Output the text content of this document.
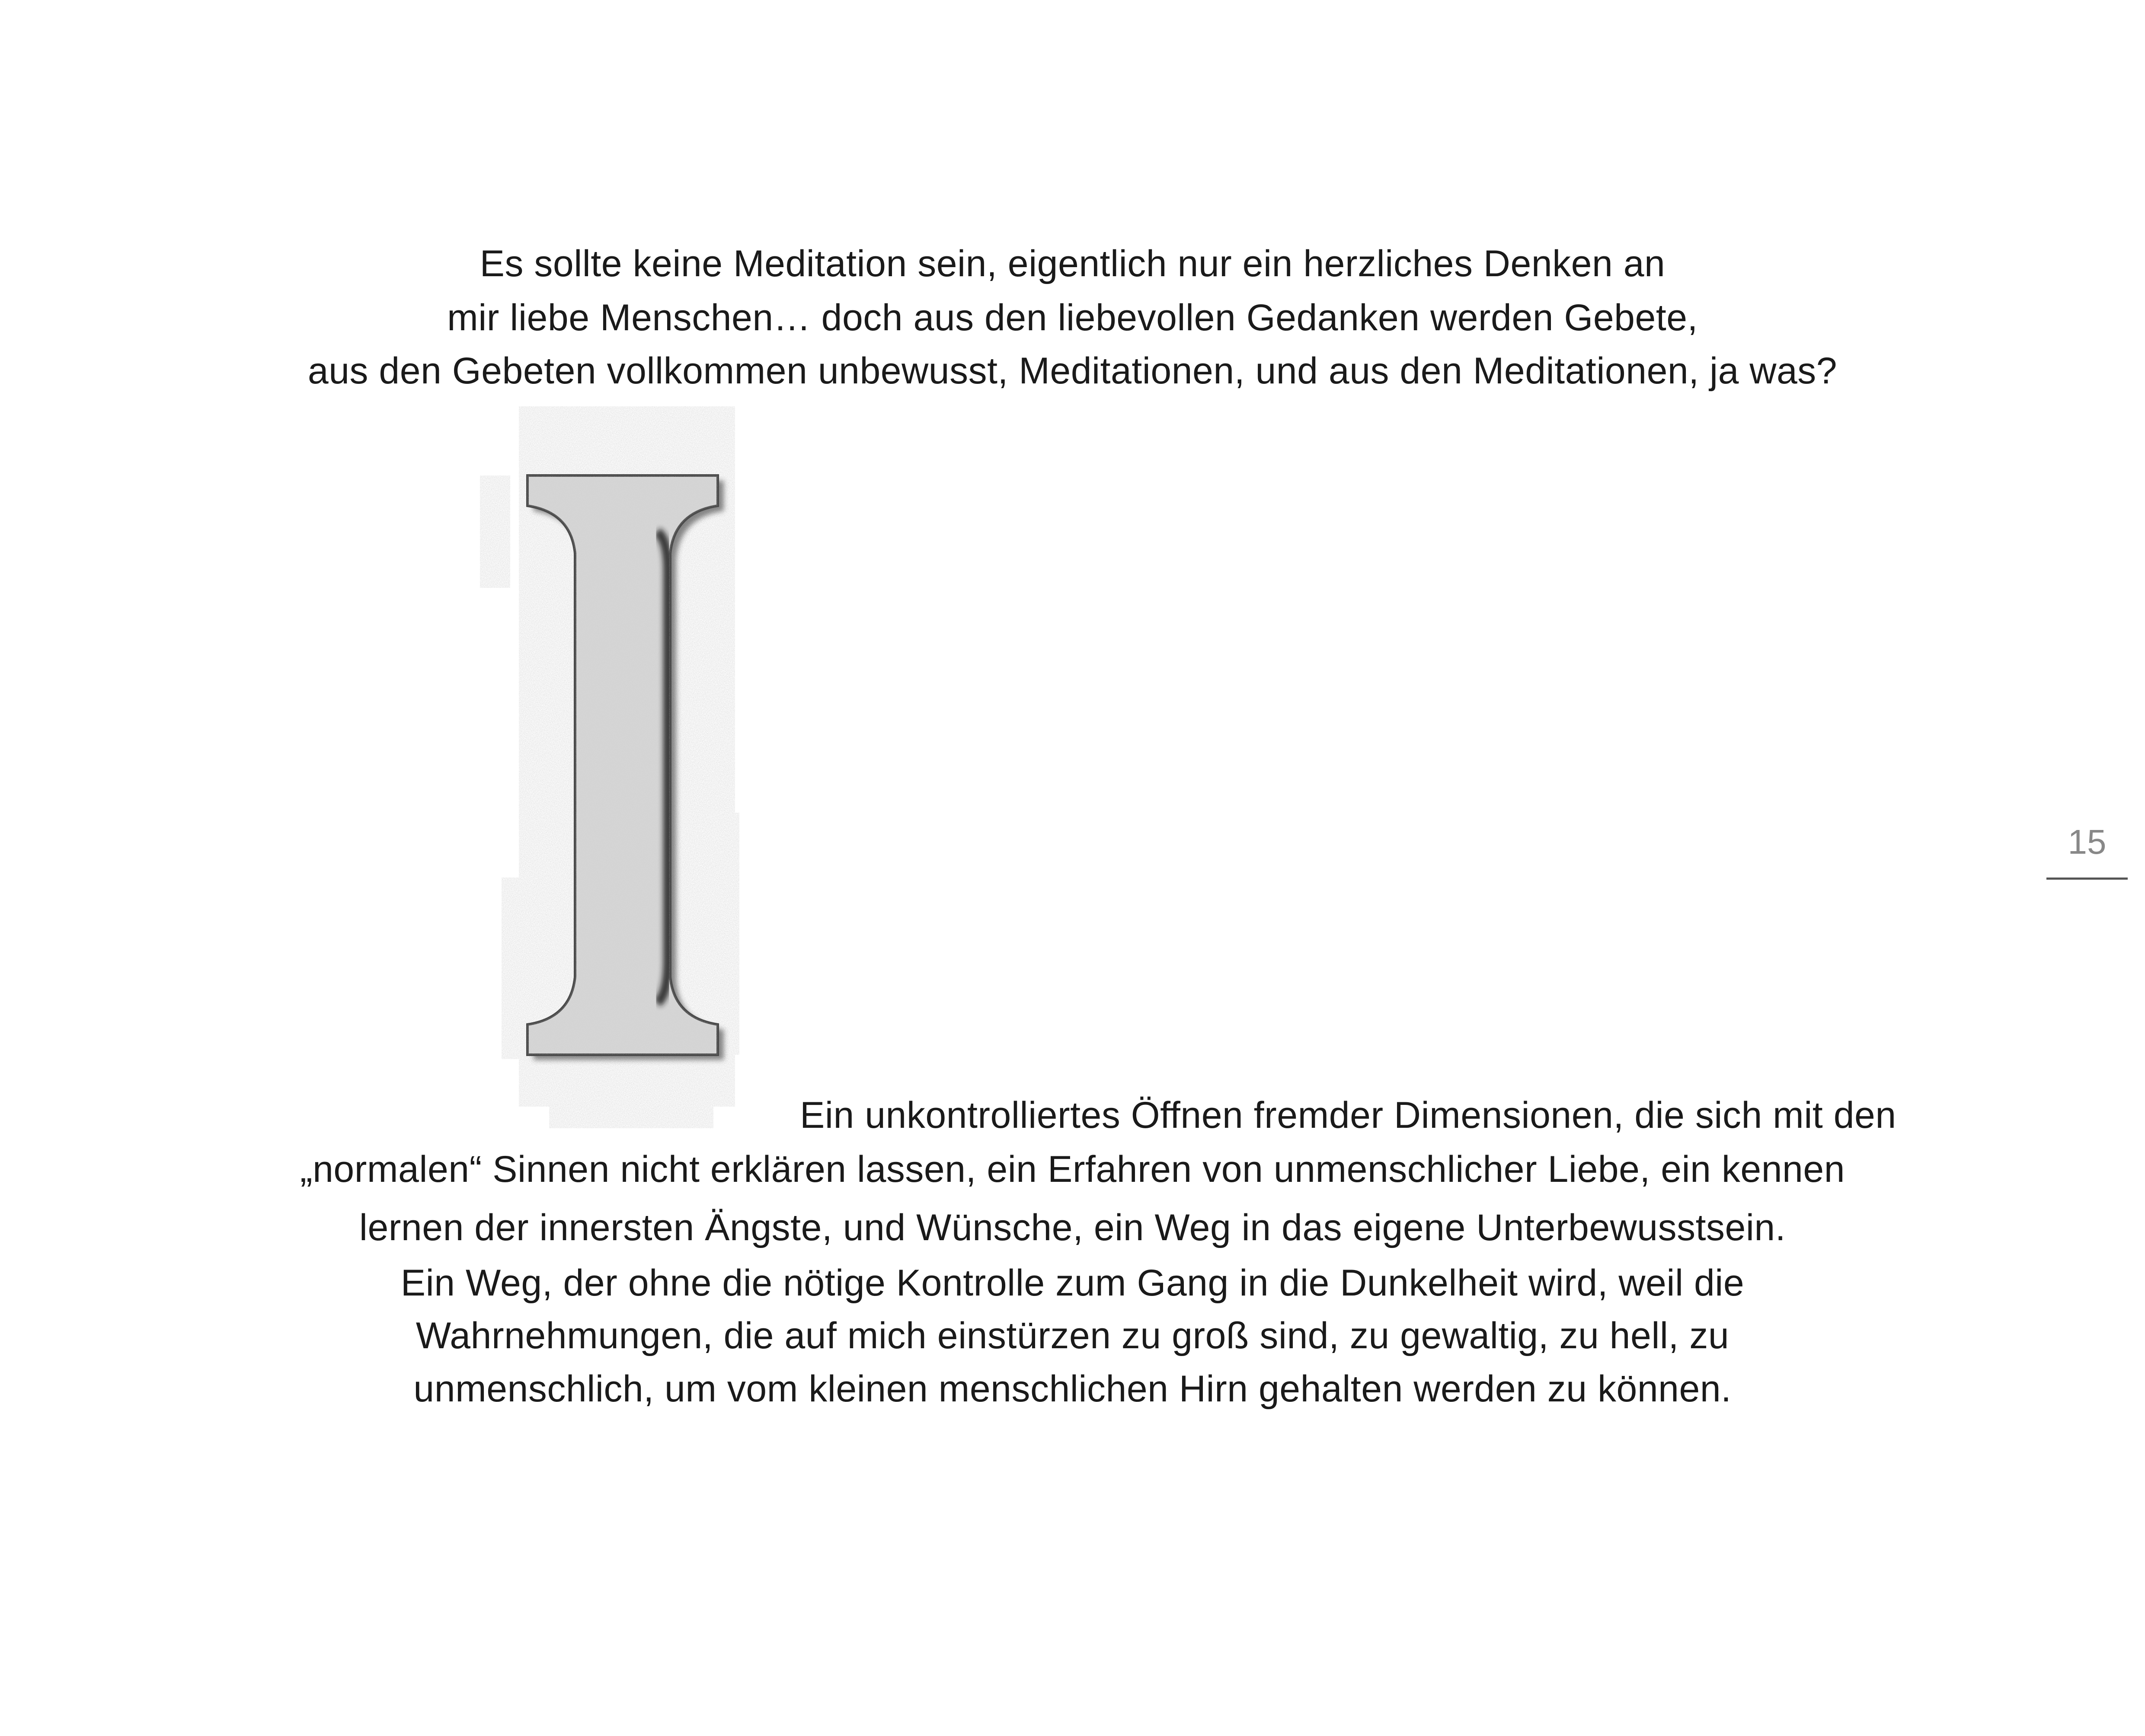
Es sollte keine Meditation sein, eigentlich nur ein herzliches Denken an
mir liebe Menschen… doch aus den liebevollen Gedanken werden Gebete,
aus den Gebeten vollkommen unbewusst, Meditationen, und aus den Meditationen, ja was?
Ein unkontrolliertes Öffnen fremder Dimensionen, die sich mit den
„normalen“ Sinnen nicht erklären lassen, ein Erfahren von unmenschlicher Liebe, ein kennen
lernen der innersten Ängste, und Wünsche, ein Weg in das eigene Unterbewusstsein.
Ein Weg, der ohne die nötige Kontrolle zum Gang in die Dunkelheit wird, weil die
Wahrnehmungen, die auf mich einstürzen zu groß sind, zu gewaltig, zu hell, zu
unmenschlich, um vom kleinen menschlichen Hirn gehalten werden zu können.
15
